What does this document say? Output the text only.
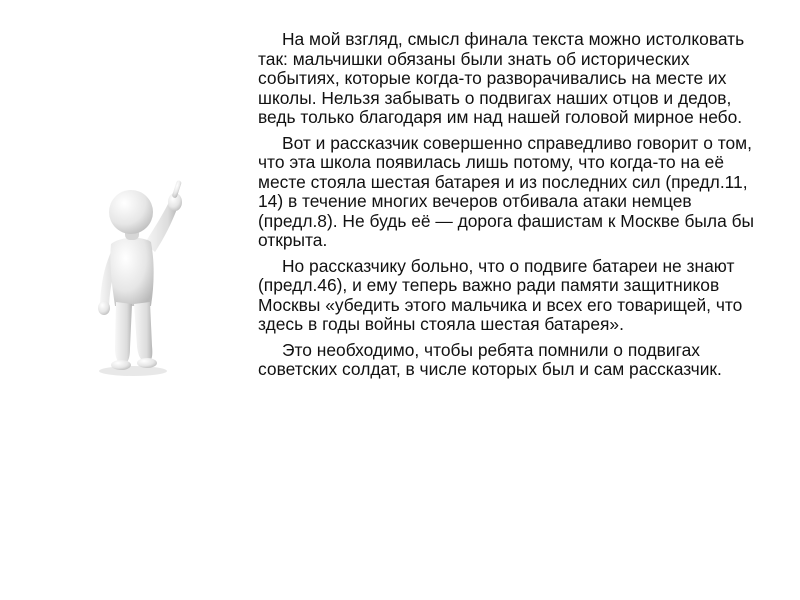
На мой взгляд, смысл финала текста можно истолковать так: мальчишки обязаны были знать об исторических событиях, которые когда-то разворачивались на месте их школы. Нельзя забывать о подвигах наших отцов и дедов, ведь только благодаря им над нашей головой мирное небо.

Вот и рассказчик совершенно справедливо говорит о том, что эта школа появилась лишь потому, что когда-то на её месте стояла шестая батарея и из последних сил (предл.11, 14) в течение многих вечеров отбивала атаки немцев (предл.8). Не будь её — дорога фашистам к Москве была бы открыта.

Но рассказчику больно, что о подвиге батареи не знают (предл.46), и ему теперь важно ради памяти защитников Москвы «убедить этого мальчика и всех его товарищей, что здесь в годы войны стояла шестая батарея».

Это необходимо, чтобы ребята помнили о подвигах советских солдат, в числе которых был и сам рассказчик.
